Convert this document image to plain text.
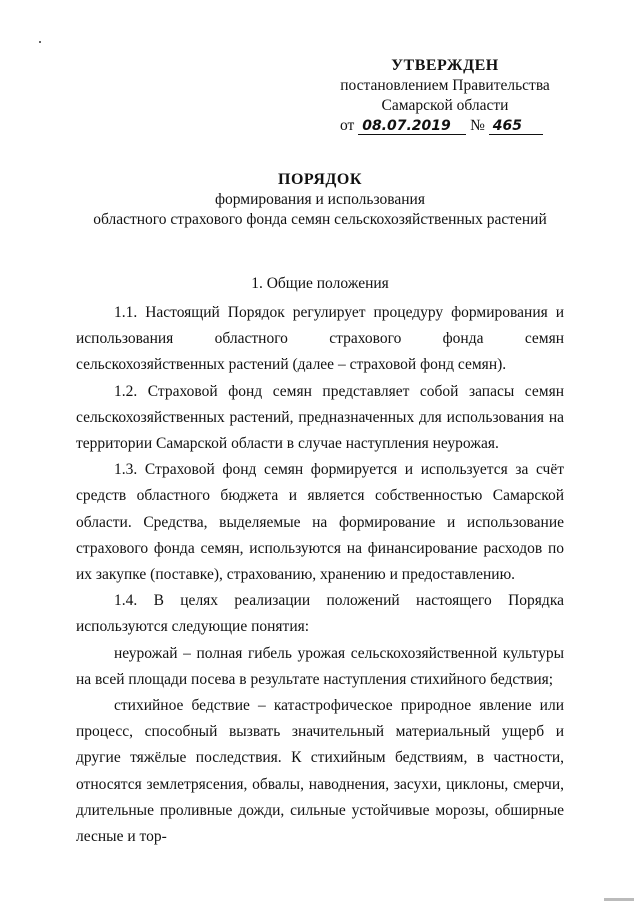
УТВЕРЖДЕН
постановлением Правительства
Самарской области
от 08.07.2019 № 465
ПОРЯДОК
формирования и использования
областного страхового фонда семян сельскохозяйственных растений
1. Общие положения

1.1. Настоящий Порядок регулирует процедуру формирования и использования областного страхового фонда семян сельскохозяйственных растений (далее – страховой фонд семян).

1.2. Страховой фонд семян представляет собой запасы семян сельскохозяйственных растений, предназначенных для использования на территории Самарской области в случае наступления неурожая.

1.3. Страховой фонд семян формируется и используется за счёт средств областного бюджета и является собственностью Самарской области. Средства, выделяемые на формирование и использование страхового фонда семян, используются на финансирование расходов по их закупке (поставке), страхованию, хранению и предоставлению.

1.4. В целях реализации положений настоящего Порядка используются следующие понятия:

неурожай – полная гибель урожая сельскохозяйственной культуры на всей площади посева в результате наступления стихийного бедствия;

стихийное бедствие – катастрофическое природное явление или процесс, способный вызвать значительный материальный ущерб и другие тяжёлые последствия. К стихийным бедствиям, в частности, относятся землетрясения, обвалы, наводнения, засухи, циклоны, смерчи, длительные проливные дожди, сильные устойчивые морозы, обширные лесные и тор-
